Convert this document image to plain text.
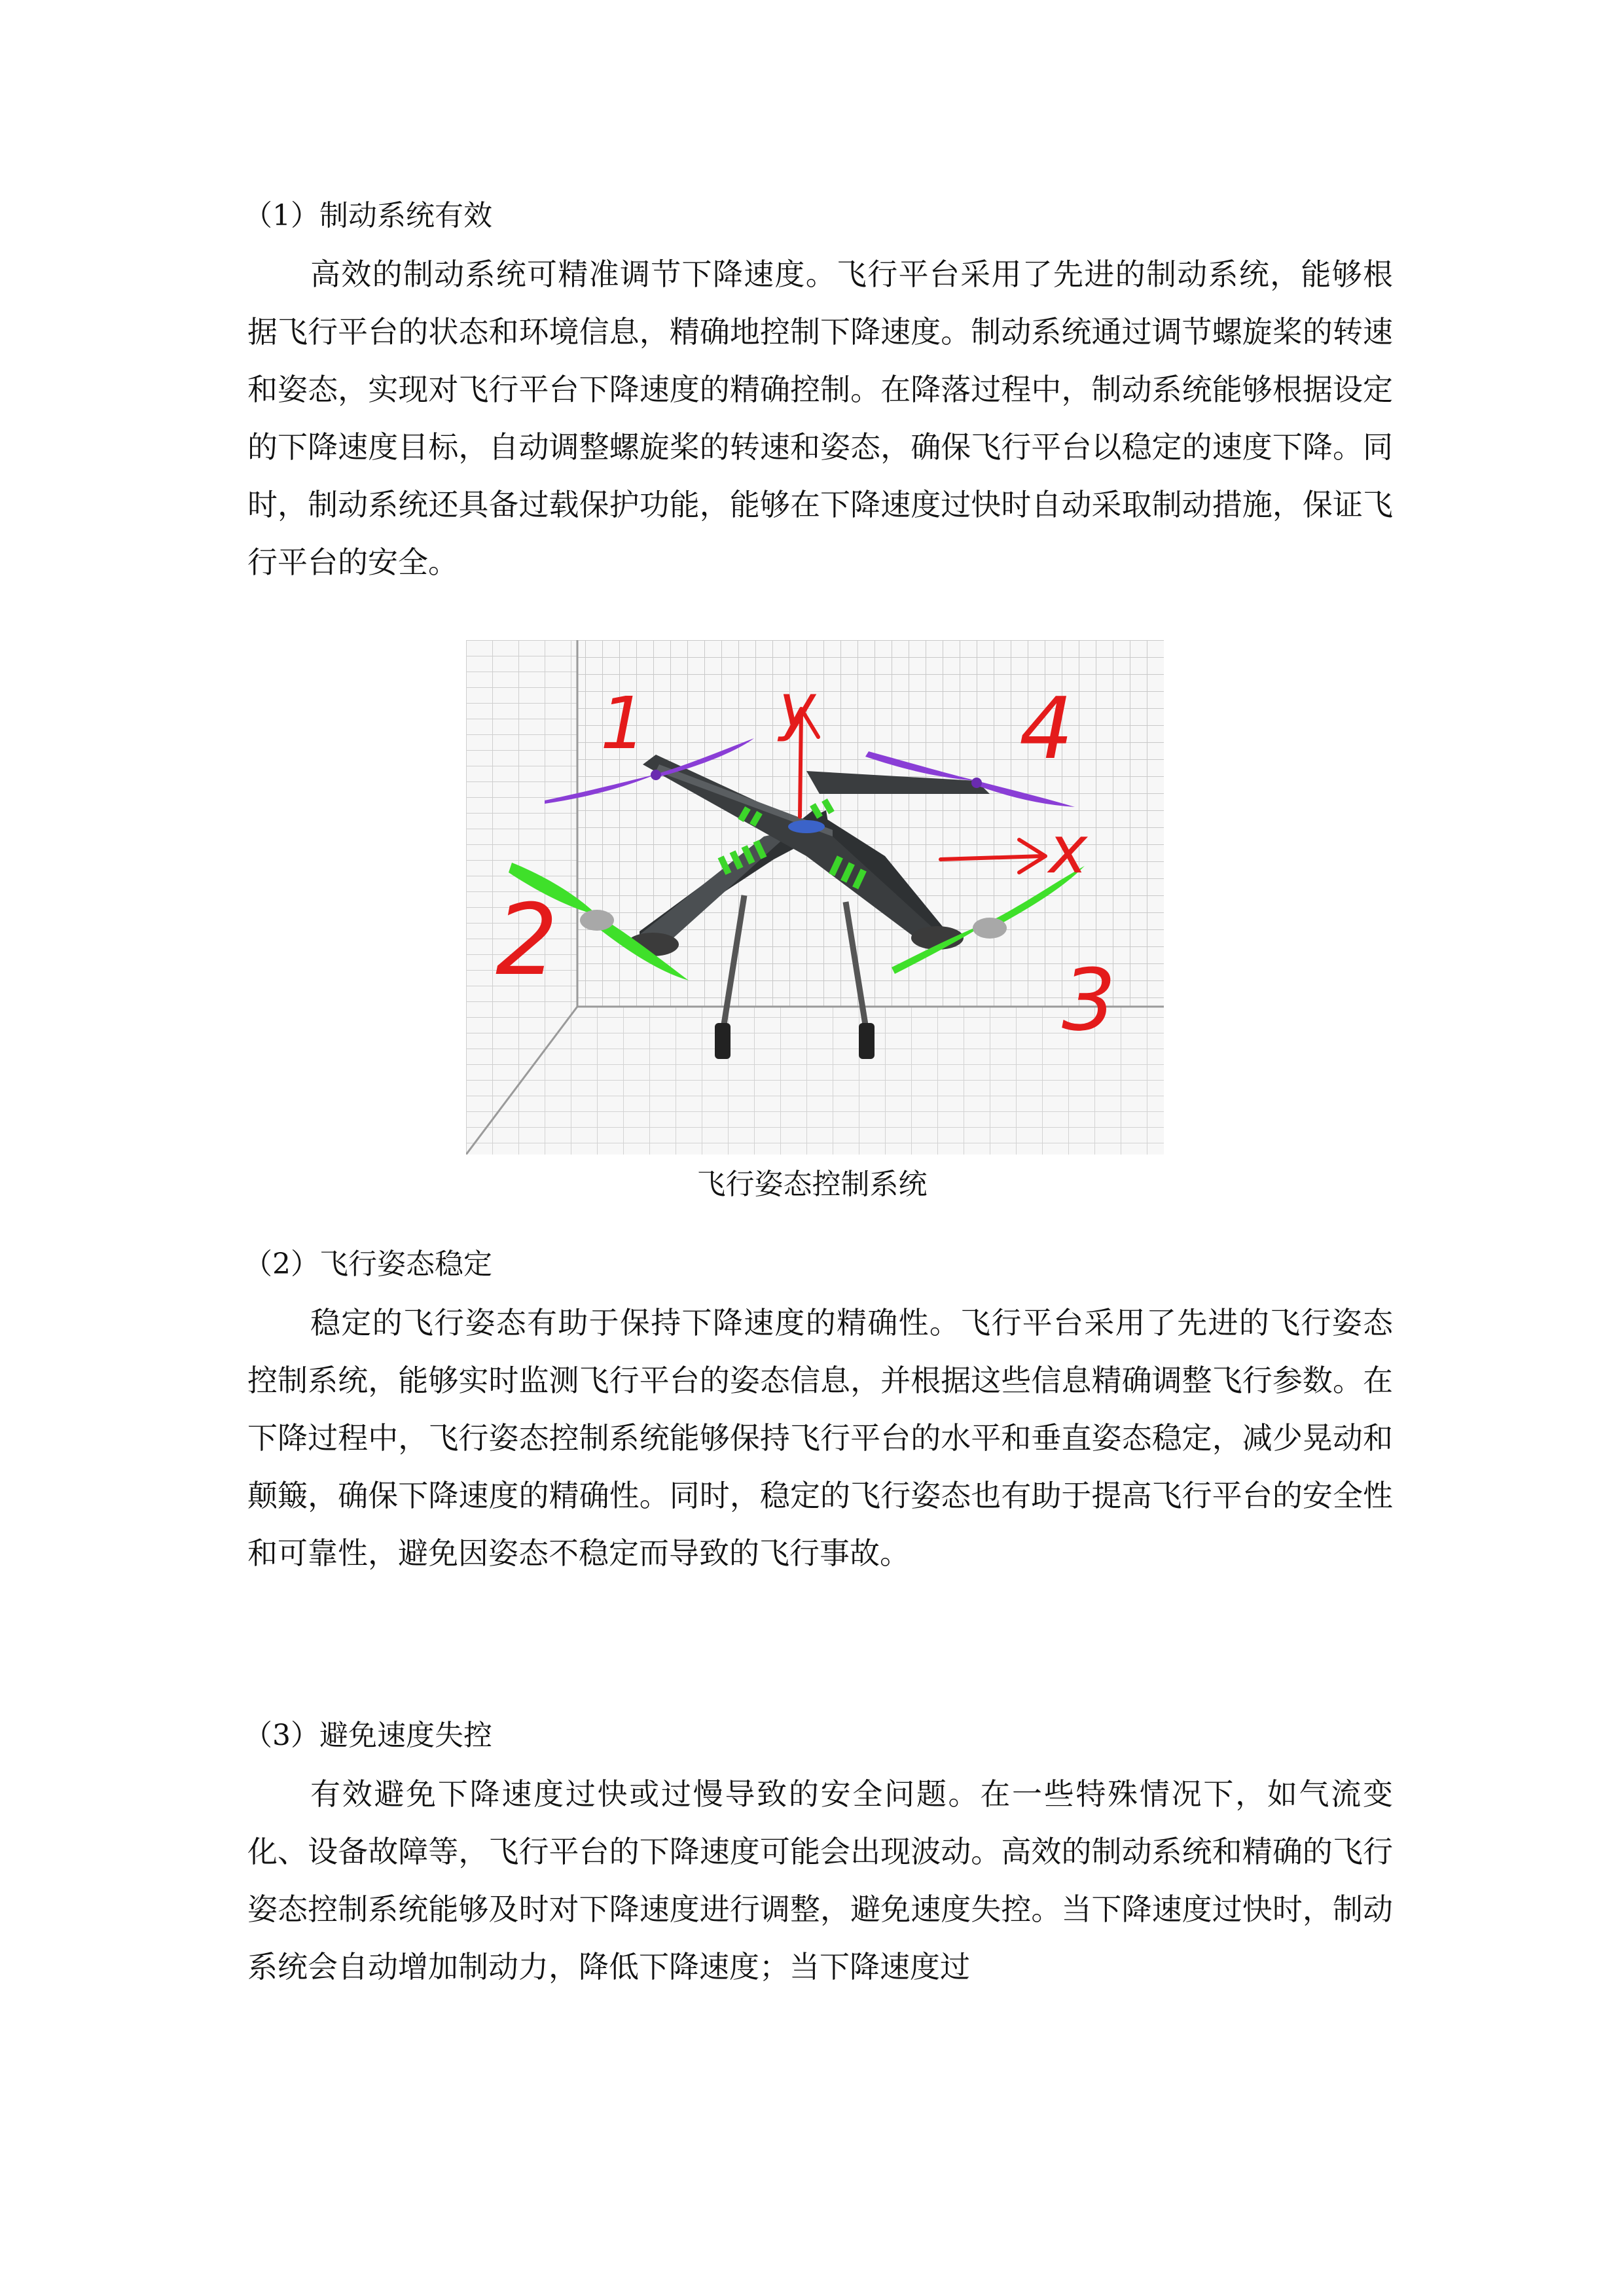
（1）制动系统有效

高效的制动系统可精准调节下降速度。飞行平台采用了先进的制动系统，能够根据飞行平台的状态和环境信息，精确地控制下降速度。制动系统通过调节螺旋桨的转速和姿态，实现对飞行平台下降速度的精确控制。在降落过程中，制动系统能够根据设定的下降速度目标，自动调整螺旋桨的转速和姿态，确保飞行平台以稳定的速度下降。同时，制动系统还具备过载保护功能，能够在下降速度过快时自动采取制动措施，保证飞行平台的安全。

1
2
3
4
y
x

飞行姿态控制系统

（2）飞行姿态稳定

稳定的飞行姿态有助于保持下降速度的精确性。飞行平台采用了先进的飞行姿态控制系统，能够实时监测飞行平台的姿态信息，并根据这些信息精确调整飞行参数。在下降过程中，飞行姿态控制系统能够保持飞行平台的水平和垂直姿态稳定，减少晃动和颠簸，确保下降速度的精确性。同时，稳定的飞行姿态也有助于提高飞行平台的安全性和可靠性，避免因姿态不稳定而导致的飞行事故。

（3）避免速度失控

有效避免下降速度过快或过慢导致的安全问题。在一些特殊情况下，如气流变化、设备故障等，飞行平台的下降速度可能会出现波动。高效的制动系统和精确的飞行姿态控制系统能够及时对下降速度进行调整，避免速度失控。当下降速度过快时，制动系统会自动增加制动力，降低下降速度；当下降速度过
